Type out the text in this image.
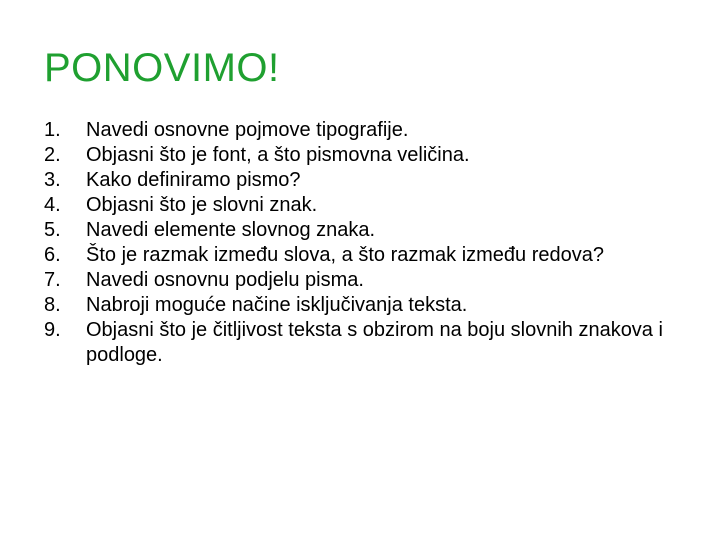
PONOVIMO!
1.	Navedi osnovne pojmove tipografije.
2.	Objasni što je font, a što pismovna veličina.
3.	Kako definiramo pismo?
4.	Objasni što je slovni znak.
5.	Navedi elemente slovnog znaka.
6.	Što je razmak između slova, a što razmak između redova?
7.	Navedi osnovnu podjelu pisma.
8.	Nabroji moguće načine isključivanja teksta.
9.	Objasni što je čitljivost teksta s obzirom na boju slovnih znakova i podloge.
